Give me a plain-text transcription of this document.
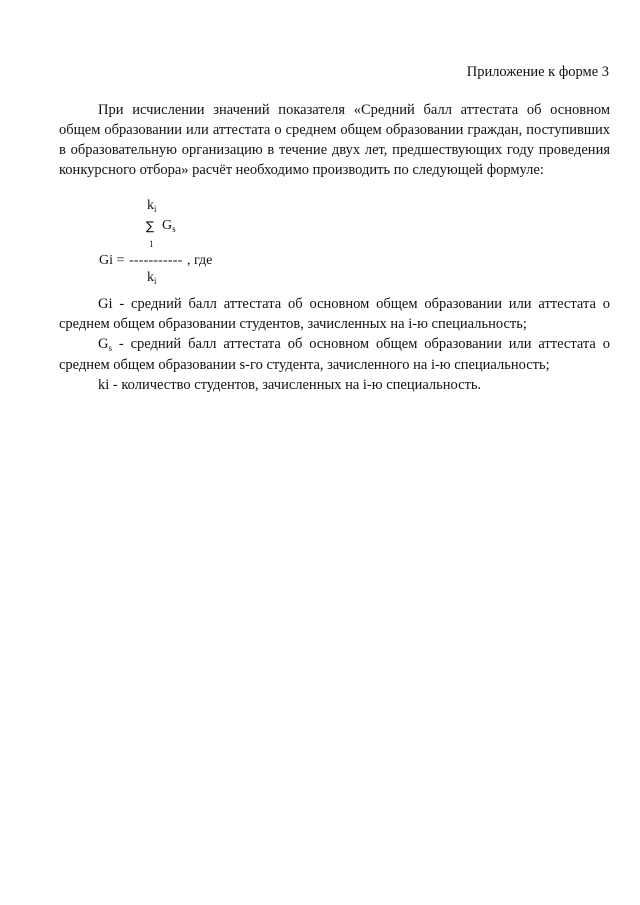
Приложение к форме 3

При исчислении значений показателя «Средний балл аттестата об основном общем образовании или аттестата о среднем общем образовании граждан, поступивших в образовательную организацию в течение двух лет, предшествующих году проведения конкурсного отбора» расчёт необходимо производить по следующей формуле:

$k_i$
∑ $G_s$
1
Gi = ----------- , где
$k_i$

Gi - средний балл аттестата об основном общем образовании или аттестата о среднем общем образовании студентов, зачисленных на i-ю специальность;

$G_s$ - средний балл аттестата об основном общем образовании или аттестата о среднем общем образовании s-го студента, зачисленного на i-ю специальность;

ki - количество студентов, зачисленных на i-ю специальность.
